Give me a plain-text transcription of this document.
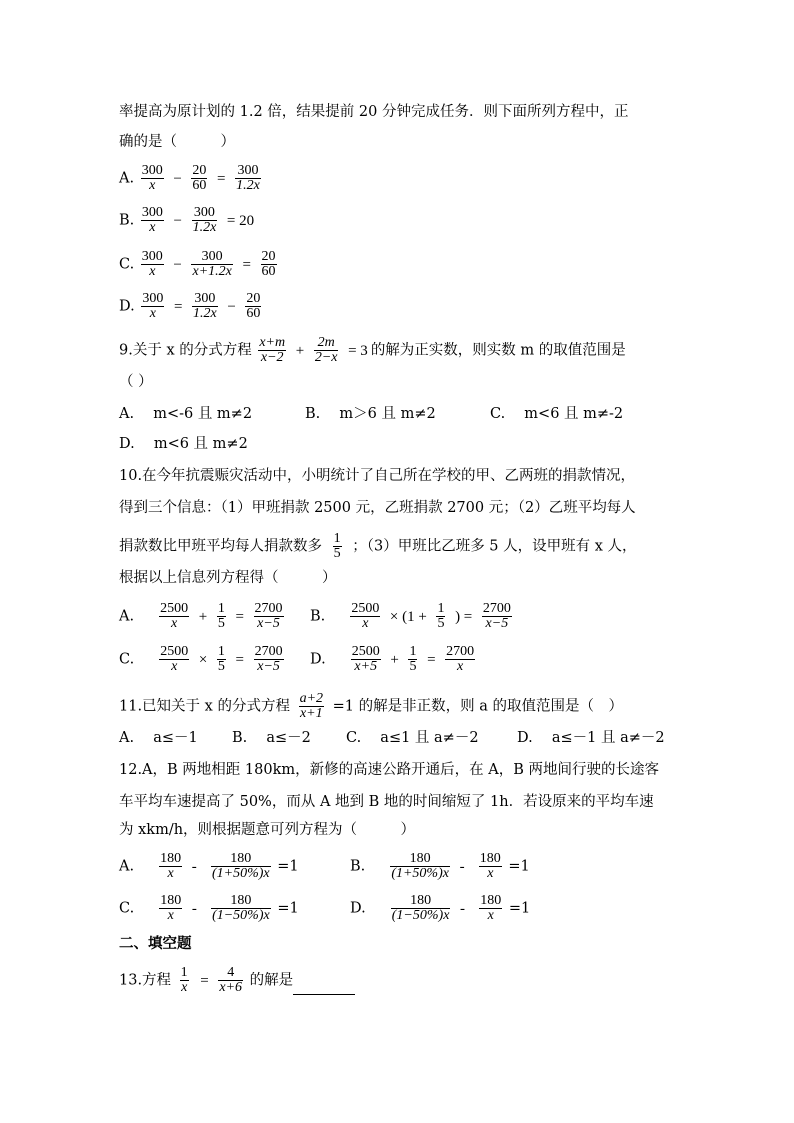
率提高为原计划的 1.2 倍，结果提前 20 分钟完成任务．则下面所列方程中，正
确的是（　　　）
A. $\frac{300}{x} - \frac{20}{60} = \frac{300}{1.2x}$
B. $\frac{300}{x} - \frac{300}{1.2x} = 20$
C. $\frac{300}{x} - \frac{300}{x+1.2x} = \frac{20}{60}$
D. $\frac{300}{x} = \frac{300}{1.2x} - \frac{20}{60}$
9.关于 x 的分式方程 $\frac{x+m}{x-2} + \frac{2m}{2-x} = 3$ 的解为正实数，则实数 m 的取值范围是
（ ）
A.　 m<-6 且 m≠2	B.　 m＞6 且 m≠2	C.　 m<6 且 m≠-2
D.　 m<6 且 m≠2
10.在今年抗震赈灾活动中，小明统计了自己所在学校的甲、乙两班的捐款情况，
得到三个信息：（1）甲班捐款 2500 元，乙班捐款 2700 元；（2）乙班平均每人
捐款数比甲班平均每人捐款数多 $\frac{1}{5}$ ；（3）甲班比乙班多 5 人，设甲班有 x 人，
根据以上信息列方程得（　　　）
A. $\frac{2500}{x} + \frac{1}{5} = \frac{2700}{x-5} B$. $\frac{2500}{x} \times (1 + \frac{1}{5}$ ) = $\frac{2700}{x-5}$
C. $\frac{2500}{x} \times \frac{1}{5} = \frac{2700}{x-5} D$. $\frac{2500}{x+5} + \frac{1}{5} = \frac{2700}{x}$
11.已知关于 x 的分式方程 $\frac{a+2}{x+1} =1$ 的解是非正数，则 a 的取值范围是（　）
A.　 a≤－1 B.　 a≤－2 C.　 a≤1 且 a≠－2	D.　 a≤－1 且 a≠－2
12.A，B 两地相距 180km，新修的高速公路开通后，在 A，B 两地间行驶的长途客
车平均车速提高了 50%，而从 A 地到 B 地的时间缩短了 1h．若设原来的平均车速
为 xkm/h，则根据题意可列方程为（　　　）
A. $\frac{180}{x} - \frac{180}{(1+50\%)x} =1$	B. $\frac{180}{(1+50\%)x} - \frac{180}{x} =1$
C. $\frac{180}{x} - \frac{180}{(1-50\%)x} =1$	D. $\frac{180}{(1-50\%)x} - \frac{180}{x} =1$
二、填空题
13.方程 $\frac{1}{x} = \frac{4}{x+6}$ 的解是
